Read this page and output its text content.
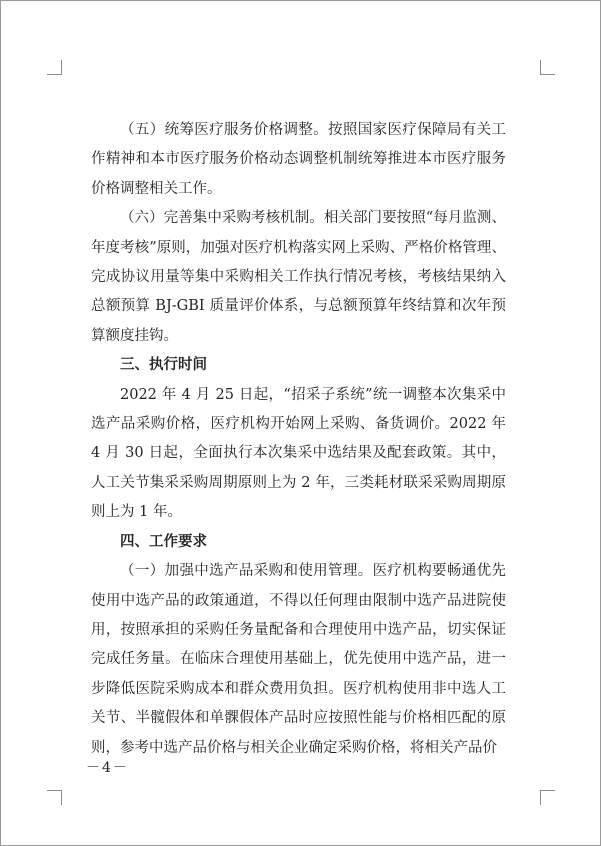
（五）统筹医疗服务价格调整。按照国家医疗保障局有关工作精神和本市医疗服务价格动态调整机制统筹推进本市医疗服务价格调整相关工作。

（六）完善集中采购考核机制。相关部门要按照“每月监测、年度考核”原则，加强对医疗机构落实网上采购、严格价格管理、完成协议用量等集中采购相关工作执行情况考核，考核结果纳入总额预算 BJ-GBI 质量评价体系，与总额预算年终结算和次年预算额度挂钩。

三、执行时间

2022 年 4 月 25 日起，“招采子系统”统一调整本次集采中选产品采购价格，医疗机构开始网上采购、备货调价。2022 年 4 月 30 日起，全面执行本次集采中选结果及配套政策。其中，人工关节集采采购周期原则上为 2 年，三类耗材联采采购周期原则上为 1 年。

四、工作要求

（一）加强中选产品采购和使用管理。医疗机构要畅通优先使用中选产品的政策通道，不得以任何理由限制中选产品进院使用，按照承担的采购任务量配备和合理使用中选产品，切实保证完成任务量。在临床合理使用基础上，优先使用中选产品，进一步降低医院采购成本和群众费用负担。医疗机构使用非中选人工关节、半髋假体和单髁假体产品时应按照性能与价格相匹配的原则，参考中选产品价格与相关企业确定采购价格，将相关产品价

－4－
